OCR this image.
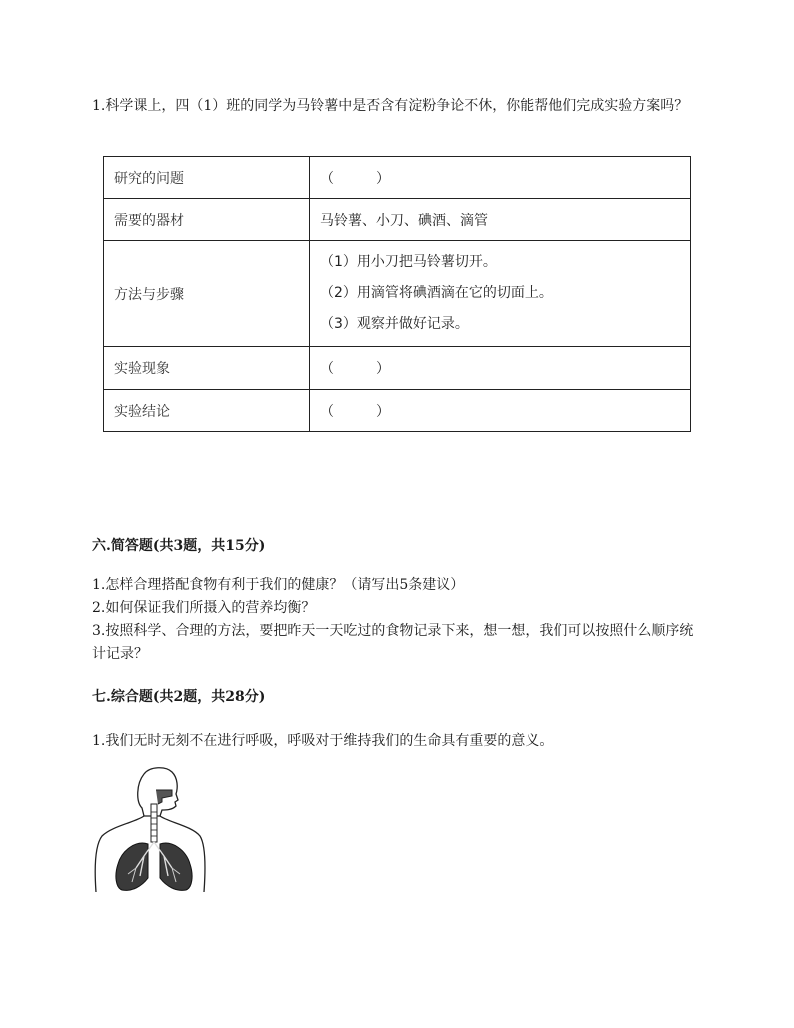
1.科学课上，四（1）班的同学为马铃薯中是否含有淀粉争论不休，你能帮他们完成实验方案吗？

研究的问题	（　　　）
需要的器材	马铃薯、小刀、碘酒、滴管
方法与步骤	（1）用小刀把马铃薯切开。
（2）用滴管将碘酒滴在它的切面上。
（3）观察并做好记录。

实验现象	（　　　）
实验结论	（　　　）

六.简答题(共3题，共15分)

1.怎样合理搭配食物有利于我们的健康？（请写出5条建议）
2.如何保证我们所摄入的营养均衡？
3.按照科学、合理的方法，要把昨天一天吃过的食物记录下来，想一想，我们可以按照什么顺序统计记录？

七.综合题(共2题，共28分)

1.我们无时无刻不在进行呼吸，呼吸对于维持我们的生命具有重要的意义。
